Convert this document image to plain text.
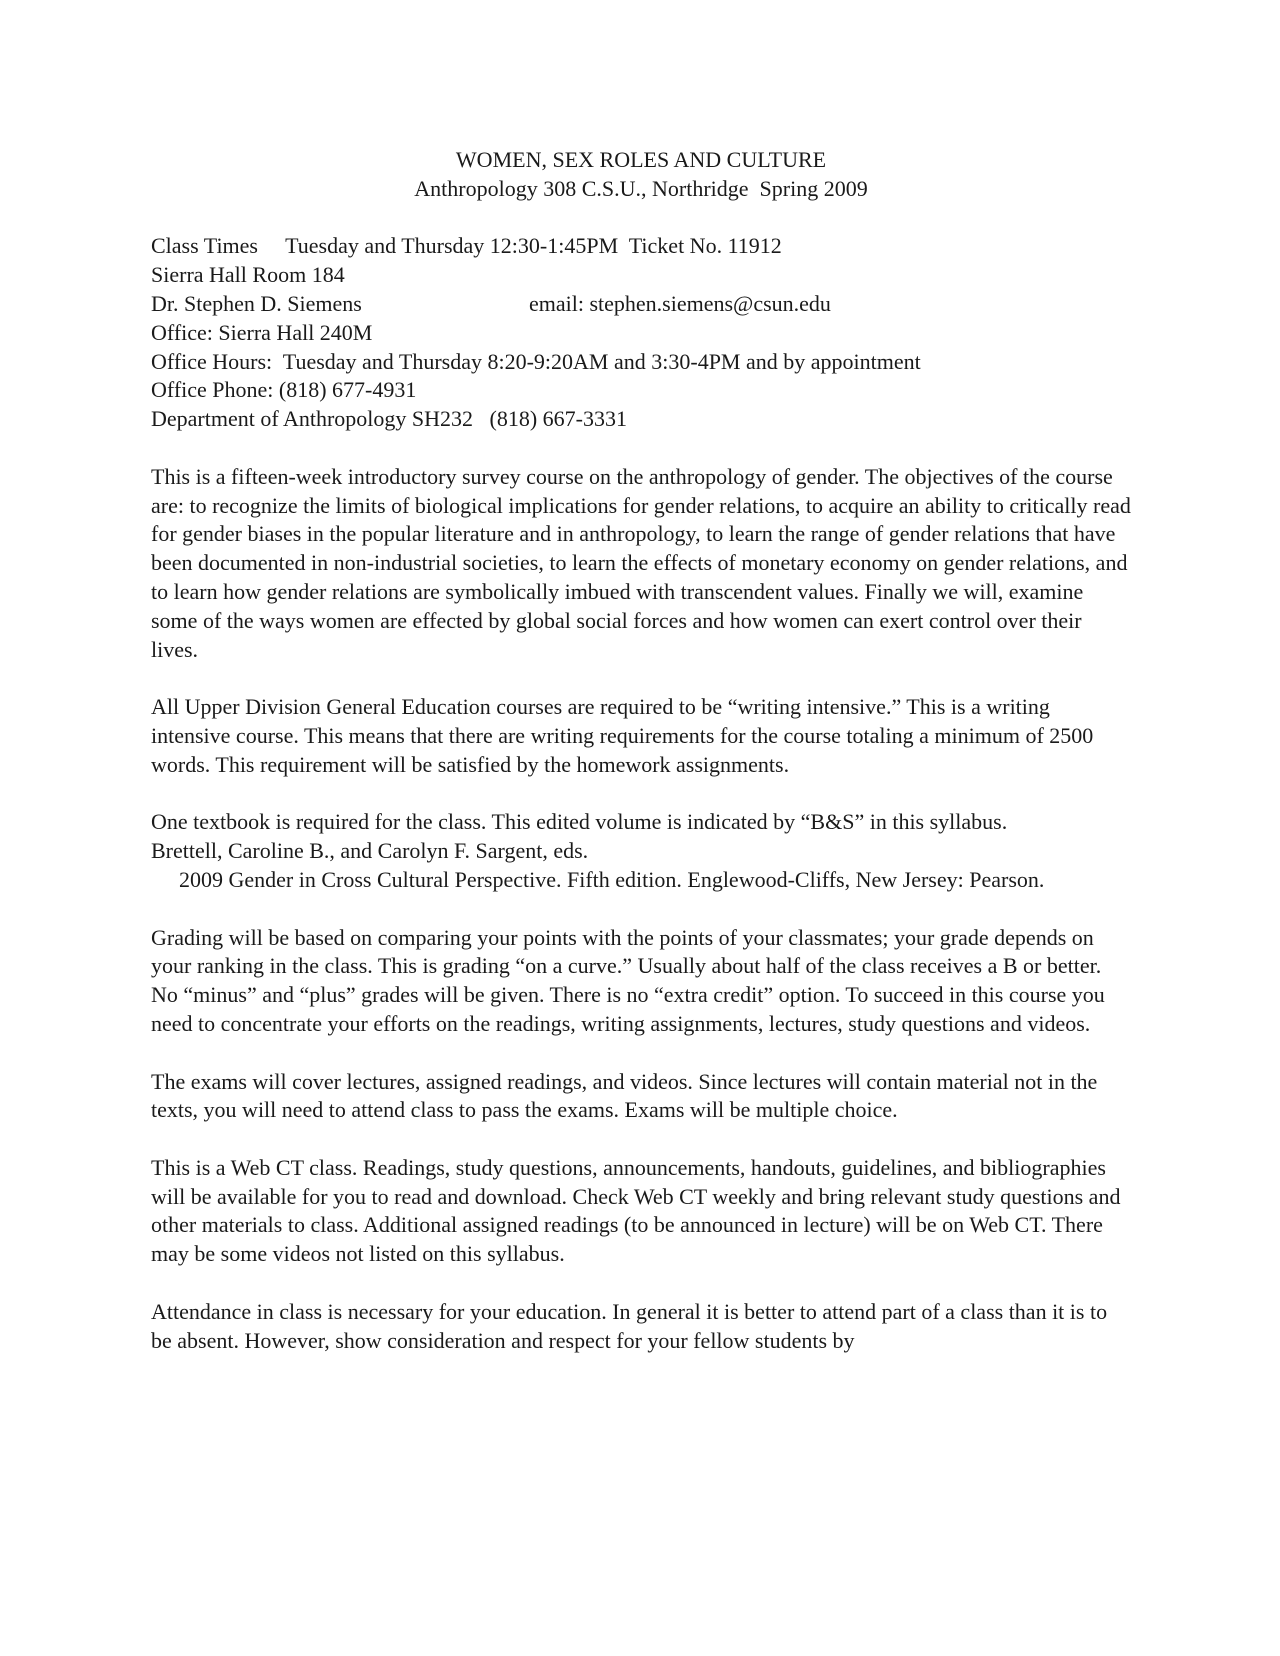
WOMEN, SEX ROLES AND CULTURE

Anthropology 308 C.S.U., Northridge  Spring 2009

Class Times     Tuesday and Thursday 12:30-1:45PM  Ticket No. 11912

Sierra Hall Room 184

Dr. Stephen D. Siemens	email: stephen.siemens@csun.edu

Office: Sierra Hall 240M

Office Hours:  Tuesday and Thursday 8:20-9:20AM and 3:30-4PM and by appointment

Office Phone: (818) 677-4931

Department of Anthropology SH232   (818) 667-3331

This is a fifteen-week introductory survey course on the anthropology of gender. The objectives of the course are: to recognize the limits of biological implications for gender relations, to acquire an ability to critically read for gender biases in the popular literature and in anthropology, to learn the range of gender relations that have been documented in non-industrial societies, to learn the effects of monetary economy on gender relations, and to learn how gender relations are symbolically imbued with transcendent values. Finally we will, examine some of the ways women are effected by global social forces and how women can exert control over their lives.

All Upper Division General Education courses are required to be “writing intensive.” This is a writing intensive course. This means that there are writing requirements for the course totaling a minimum of 2500 words. This requirement will be satisfied by the homework assignments.

One textbook is required for the class. This edited volume is indicated by “B&S” in this syllabus.

Brettell, Caroline B., and Carolyn F. Sargent, eds.

2009 Gender in Cross Cultural Perspective. Fifth edition. Englewood-Cliffs, New Jersey: Pearson.

Grading will be based on comparing your points with the points of your classmates; your grade depends on your ranking in the class. This is grading “on a curve.” Usually about half of the class receives a B or better. No “minus” and “plus” grades will be given. There is no “extra credit” option. To succeed in this course you need to concentrate your efforts on the readings, writing assignments, lectures, study questions and videos.

The exams will cover lectures, assigned readings, and videos. Since lectures will contain material not in the texts, you will need to attend class to pass the exams. Exams will be multiple choice.

This is a Web CT class. Readings, study questions, announcements, handouts, guidelines, and bibliographies will be available for you to read and download. Check Web CT weekly and bring relevant study questions and other materials to class. Additional assigned readings (to be announced in lecture) will be on Web CT. There may be some videos not listed on this syllabus.

Attendance in class is necessary for your education. In general it is better to attend part of a class than it is to be absent. However, show consideration and respect for your fellow students by
